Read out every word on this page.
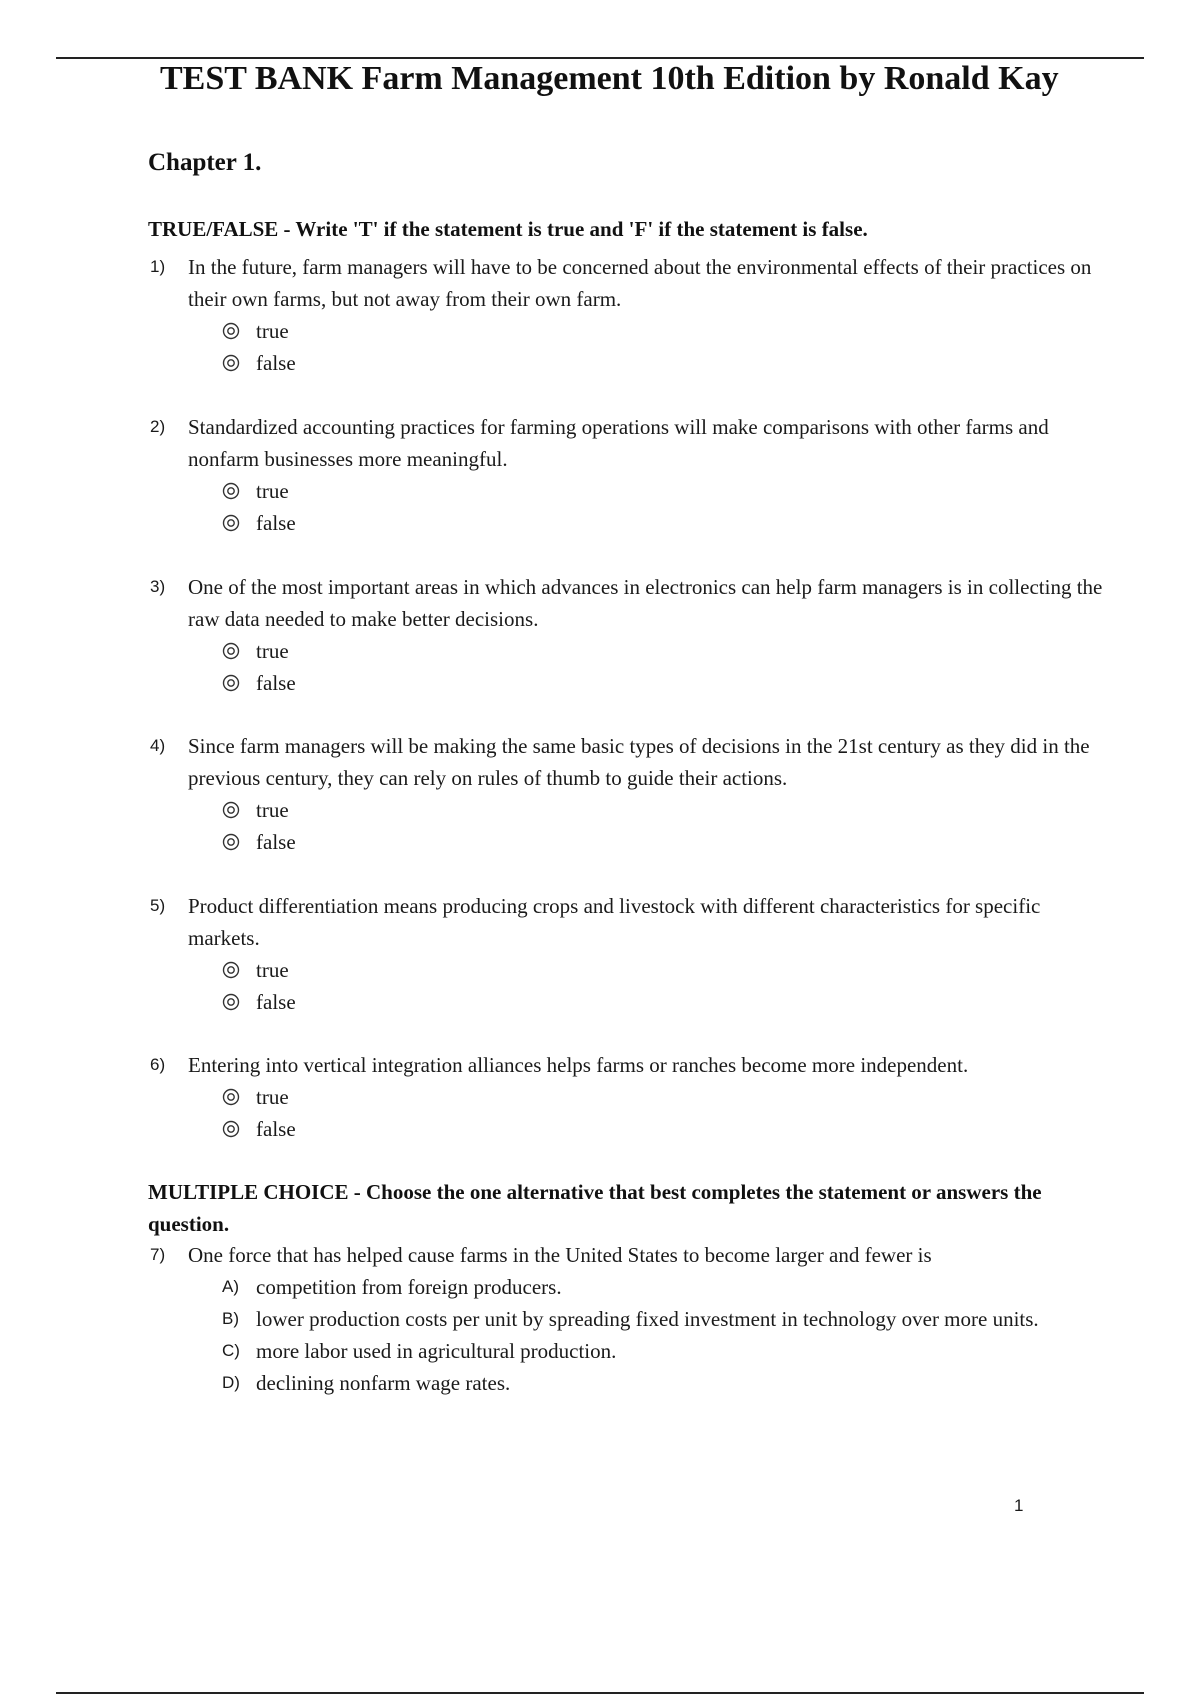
TEST BANK Farm Management 10th Edition by Ronald Kay
Chapter 1.
TRUE/FALSE - Write 'T' if the statement is true and 'F' if the statement is false.
1)	In the future, farm managers will have to be concerned about the environmental effects of their practices on their own farms, but not away from their own farm.
true
false
2)	Standardized accounting practices for farming operations will make comparisons with other farms and nonfarm businesses more meaningful.
true
false
3)	One of the most important areas in which advances in electronics can help farm managers is in collecting the raw data needed to make better decisions.
true
false
4)	Since farm managers will be making the same basic types of decisions in the 21st century as they did in the previous century, they can rely on rules of thumb to guide their actions.
true
false
5)	Product differentiation means producing crops and livestock with different characteristics for specific markets.
true
false
6)	Entering into vertical integration alliances helps farms or ranches become more independent.
true
false
MULTIPLE CHOICE - Choose the one alternative that best completes the statement or answers the question.
7)	One force that has helped cause farms in the United States to become larger and fewer is
A) competition from foreign producers.
B) lower production costs per unit by spreading fixed investment in technology over more units.
C) more labor used in agricultural production.
D) declining nonfarm wage rates.
1
